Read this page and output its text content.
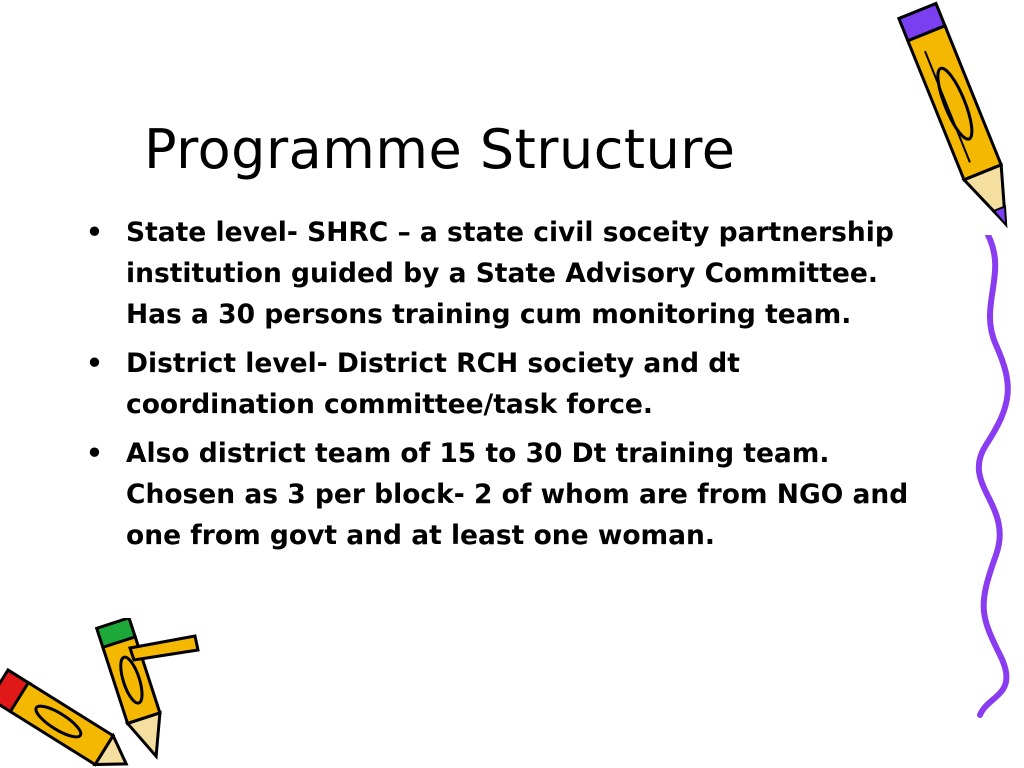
Programme Structure
• State level- SHRC – a state civil soceity partnership institution guided by a State Advisory Committee. Has a 30 persons training cum monitoring team.
• District level- District RCH society and dt coordination committee/task force.
• Also district team of 15 to 30 Dt training team. Chosen as 3 per block- 2 of whom are from NGO and one from govt and at least one woman.
